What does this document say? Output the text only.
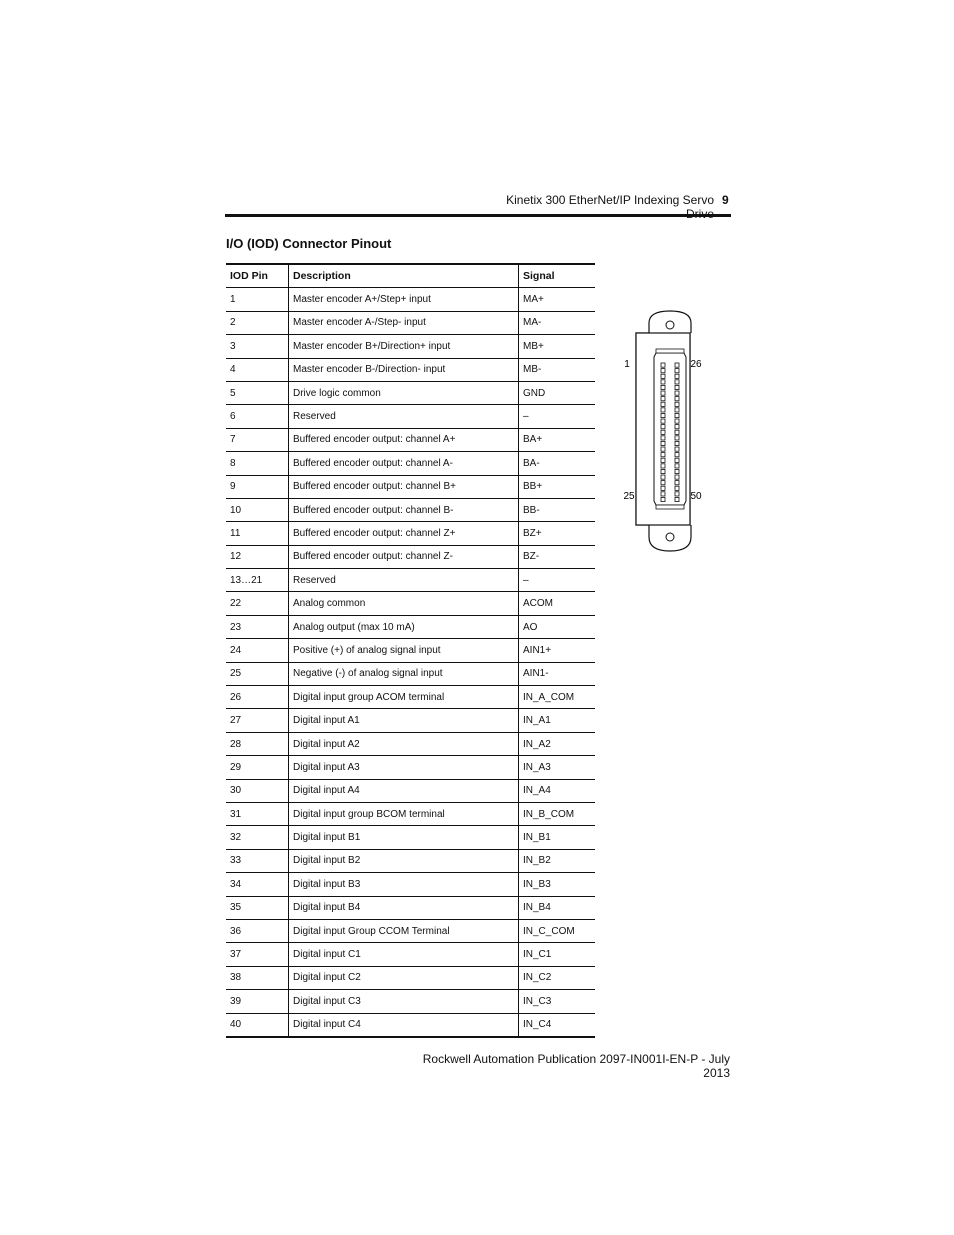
Kinetix 300 EtherNet/IP Indexing Servo 9
I/O (IOD) Connector Pinout
IOD Pin	Description	Signal
1	Master encoder A+/Step+ input	MA+
2	Master encoder A-/Step- input	MA-
3	Master encoder B+/Direction+ input	MB+
4	Master encoder B-/Direction- input	MB-
5	Drive logic common	GND
6	Reserved	–
7	Buffered encoder output: channel A+	BA+
8	Buffered encoder output: channel A-	BA-
9	Buffered encoder output: channel B+	BB+
10	Buffered encoder output: channel B-	BB-
11	Buffered encoder output: channel Z+	BZ+
12	Buffered encoder output: channel Z-	BZ-
13…21	Reserved	–
22	Analog common	ACOM
23	Analog output (max 10 mA)	AO
24	Positive (+) of analog signal input	AIN1+
25	Negative (-) of analog signal input	AIN1-
26	Digital input group ACOM terminal	IN_A_COM
27	Digital input A1	IN_A1
28	Digital input A2	IN_A2
29	Digital input A3	IN_A3
30	Digital input A4	IN_A4
31	Digital input group BCOM terminal	IN_B_COM
32	Digital input B1	IN_B1
33	Digital input B2	IN_B2
34	Digital input B3	IN_B3
35	Digital input B4	IN_B4
36	Digital input Group CCOM Terminal	IN_C_COM
37	Digital input C1	IN_C1
38	Digital input C2	IN_C2
39	Digital input C3	IN_C3
40	Digital input C4	IN_C4
1	26
25	50
Rockwell Automation Publication 2097-IN001I-EN-P - July 2013
